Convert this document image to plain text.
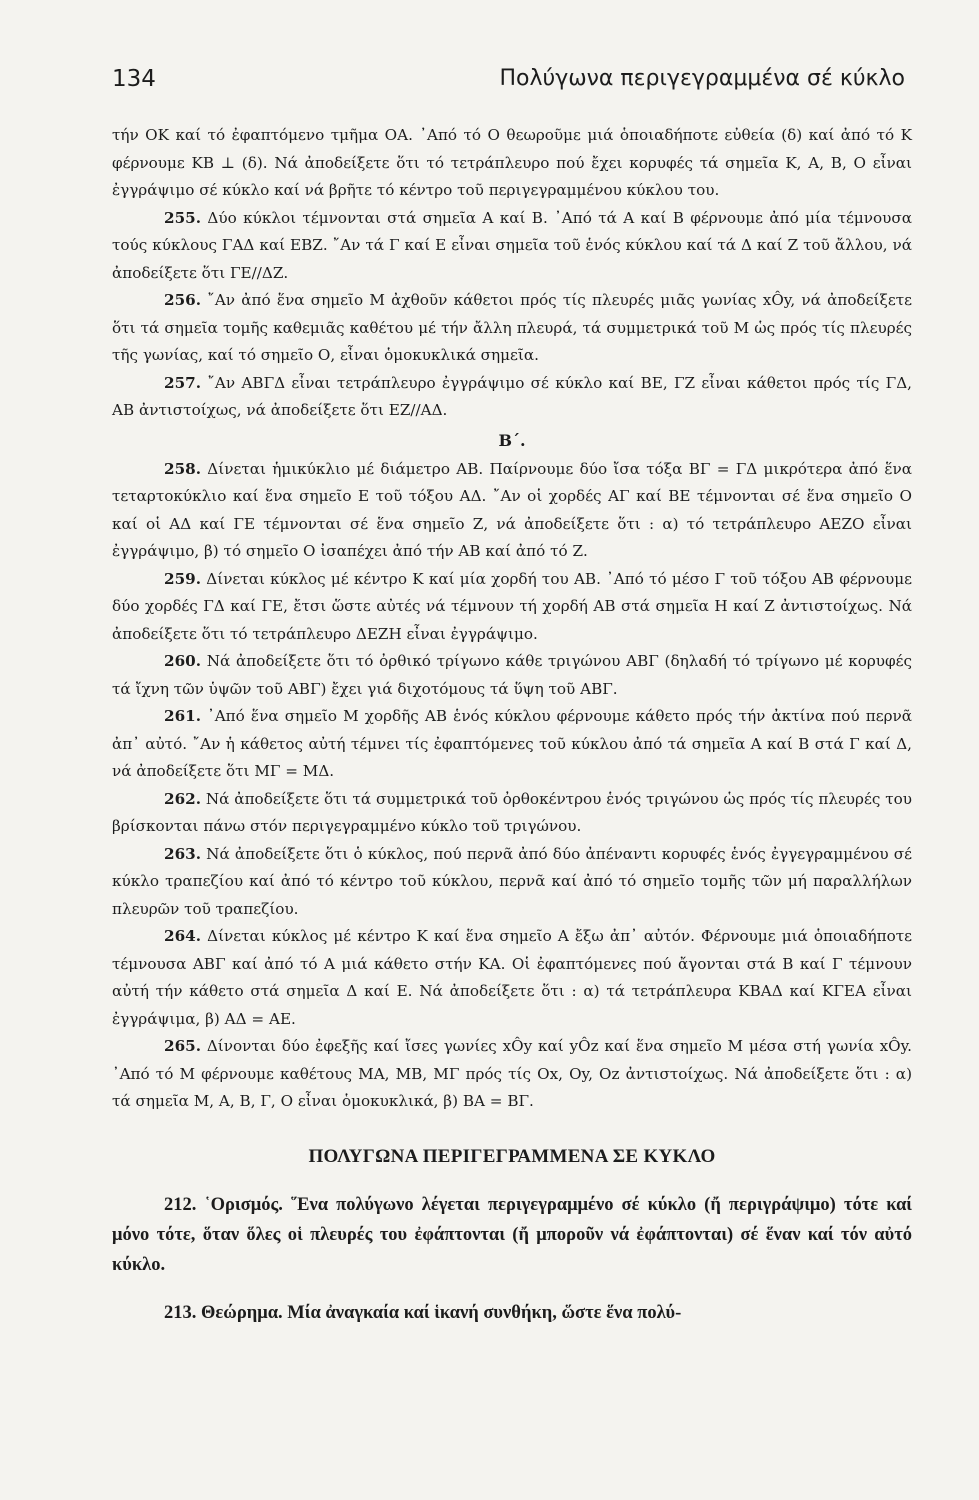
134	Πολύγωνα περιγεγραμμένα σέ κύκλο

τήν ΟΚ καί τό ἐφαπτόμενο τμῆμα ΟΑ. ᾽Από τό Ο θεωροῦμε μιά ὁποιαδήποτε εὐθεία (δ) καί ἀπό τό Κ φέρνουμε ΚΒ ⊥ (δ). Νά ἀποδείξετε ὅτι τό τετράπλευρο πού ἔχει κορυφές τά σημεῖα Κ, Α, Β, Ο εἶναι ἐγγράψιμο σέ κύκλο καί νά βρῆτε τό κέντρο τοῦ περιγεγραμμένου κύκλου του.

255. Δύο κύκλοι τέμνονται στά σημεῖα Α καί Β. ᾽Από τά Α καί Β φέρνουμε ἀπό μία τέμνουσα τούς κύκλους ΓΑΔ καί ΕΒΖ. ῎Αν τά Γ καί Ε εἶναι σημεῖα τοῦ ἑνός κύκλου καί τά Δ καί Ζ τοῦ ἄλλου, νά ἀποδείξετε ὅτι ΓΕ//ΔΖ.

256. ῎Αν ἀπό ἕνα σημεῖο Μ ἀχθοῦν κάθετοι πρός τίς πλευρές μιᾶς γωνίας xÔy, νά ἀποδείξετε ὅτι τά σημεῖα τομῆς καθεμιᾶς καθέτου μέ τήν ἄλλη πλευρά, τά συμμετρικά τοῦ Μ ὡς πρός τίς πλευρές τῆς γωνίας, καί τό σημεῖο Ο, εἶναι ὁμοκυκλικά σημεῖα.

257. ῎Αν ΑΒΓΔ εἶναι τετράπλευρο ἐγγράψιμο σέ κύκλο καί ΒΕ, ΓΖ εἶναι κάθετοι πρός τίς ΓΔ, ΑΒ ἀντιστοίχως, νά ἀποδείξετε ὅτι ΕΖ//ΑΔ.

Β΄.

258. Δίνεται ἡμικύκλιο μέ διάμετρο ΑΒ. Παίρνουμε δύο ἴσα τόξα ΒΓ = ΓΔ μικρότερα ἀπό ἕνα τεταρτοκύκλιο καί ἕνα σημεῖο Ε τοῦ τόξου ΑΔ. ῎Αν οἱ χορδές ΑΓ καί ΒΕ τέμνονται σέ ἕνα σημεῖο Ο καί οἱ ΑΔ καί ΓΕ τέμνονται σέ ἕνα σημεῖο Ζ, νά ἀποδείξετε ὅτι : α) τό τετράπλευρο ΑΕΖΟ εἶναι ἐγγράψιμο, β) τό σημεῖο Ο ἰσαπέχει ἀπό τήν ΑΒ καί ἀπό τό Ζ.

259. Δίνεται κύκλος μέ κέντρο Κ καί μία χορδή του ΑΒ. ᾽Από τό μέσο Γ τοῦ τόξου ΑΒ φέρνουμε δύο χορδές ΓΔ καί ΓΕ, ἔτσι ὥστε αὐτές νά τέμνουν τή χορδή ΑΒ στά σημεῖα Η καί Ζ ἀντιστοίχως. Νά ἀποδείξετε ὅτι τό τετράπλευρο ΔΕΖΗ εἶναι ἐγγράψιμο.

260. Νά ἀποδείξετε ὅτι τό ὀρθικό τρίγωνο κάθε τριγώνου ΑΒΓ (δηλαδή τό τρίγωνο μέ κορυφές τά ἴχνη τῶν ὑψῶν τοῦ ΑΒΓ) ἔχει γιά διχοτόμους τά ὕψη τοῦ ΑΒΓ.

261. ᾽Από ἕνα σημεῖο Μ χορδῆς ΑΒ ἑνός κύκλου φέρνουμε κάθετο πρός τήν ἀκτίνα πού περνᾶ ἀπ᾽ αὐτό. ῎Αν ἡ κάθετος αὐτή τέμνει τίς ἐφαπτόμενες τοῦ κύκλου ἀπό τά σημεῖα Α καί Β στά Γ καί Δ, νά ἀποδείξετε ὅτι ΜΓ = ΜΔ.

262. Νά ἀποδείξετε ὅτι τά συμμετρικά τοῦ ὀρθοκέντρου ἑνός τριγώνου ὡς πρός τίς πλευρές του βρίσκονται πάνω στόν περιγεγραμμένο κύκλο τοῦ τριγώνου.

263. Νά ἀποδείξετε ὅτι ὁ κύκλος, πού περνᾶ ἀπό δύο ἀπέναντι κορυφές ἑνός ἐγγεγραμμένου σέ κύκλο τραπεζίου καί ἀπό τό κέντρο τοῦ κύκλου, περνᾶ καί ἀπό τό σημεῖο τομῆς τῶν μή παραλλήλων πλευρῶν τοῦ τραπεζίου.

264. Δίνεται κύκλος μέ κέντρο Κ καί ἕνα σημεῖο Α ἔξω ἀπ᾽ αὐτόν. Φέρνουμε μιά ὁποιαδήποτε τέμνουσα ΑΒΓ καί ἀπό τό Α μιά κάθετο στήν ΚΑ. Οἱ ἐφαπτόμενες πού ἄγονται στά Β καί Γ τέμνουν αὐτή τήν κάθετο στά σημεῖα Δ καί Ε. Νά ἀποδείξετε ὅτι : α) τά τετράπλευρα ΚΒΑΔ καί ΚΓΕΑ εἶναι ἐγγράψιμα, β) ΑΔ = ΑΕ.

265. Δίνονται δύο ἐφεξῆς καί ἴσες γωνίες xÔy καί yÔz καί ἕνα σημεῖο Μ μέσα στή γωνία xÔy. ᾽Από τό Μ φέρνουμε καθέτους ΜΑ, ΜΒ, ΜΓ πρός τίς Οx, Oy, Oz ἀντιστοίχως. Νά ἀποδείξετε ὅτι : α) τά σημεῖα Μ, Α, Β, Γ, Ο εἶναι ὁμοκυκλικά, β) ΒΑ = ΒΓ.

ΠΟΛΥΓΩΝΑ ΠΕΡΙΓΕΓΡΑΜΜΕΝΑ ΣΕ ΚΥΚΛΟ

212. ῾Ορισμός. ῞Ενα πολύγωνο λέγεται περιγεγραμμένο σέ κύκλο (ἤ περιγράψιμο) τότε καί μόνο τότε, ὅταν ὅλες οἱ πλευρές του ἐφάπτονται (ἤ μποροῦν νά ἐφάπτονται) σέ ἕναν καί τόν αὐτό κύκλο.

213. Θεώρημα. Μία ἀναγκαία καί ἱκανή συνθήκη, ὥστε ἕνα πολύ-
